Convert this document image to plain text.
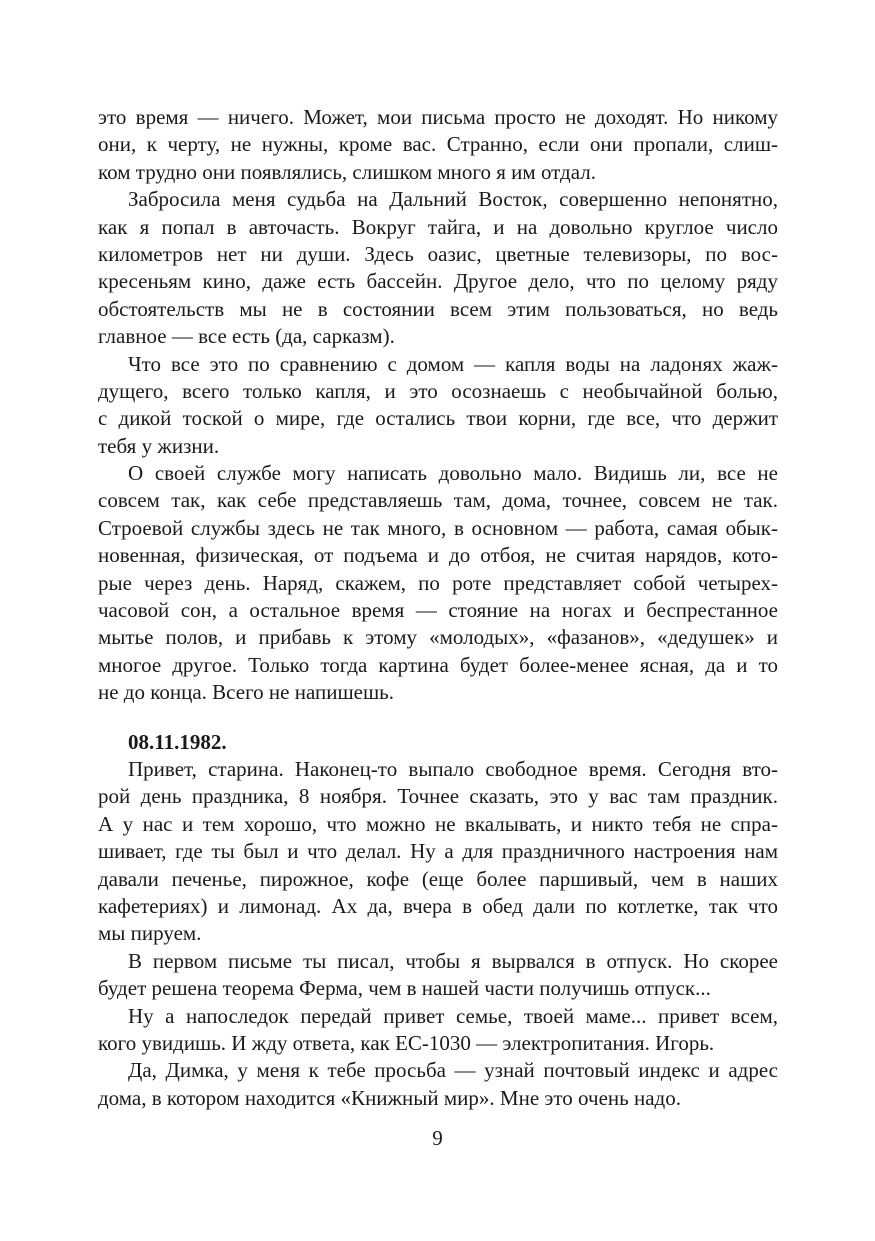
это время — ничего. Может, мои письма просто не доходят. Но никому
они, к черту, не нужны, кроме вас. Странно, если они пропали, слиш-
ком трудно они появлялись, слишком много я им отдал.
Забросила меня судьба на Дальний Восток, совершенно непонятно,
как я попал в авточасть. Вокруг тайга, и на довольно круглое число
километров нет ни души. Здесь оазис, цветные телевизоры, по вос-
кресеньям кино, даже есть бассейн. Другое дело, что по целому ряду
обстоятельств мы не в состоянии всем этим пользоваться, но ведь
главное — все есть (да, сарказм).
Что все это по сравнению с домом — капля воды на ладонях жаж-
дущего, всего только капля, и это осознаешь с необычайной болью,
с дикой тоской о мире, где остались твои корни, где все, что держит
тебя у жизни.
О своей службе могу написать довольно мало. Видишь ли, все не
совсем так, как себе представляешь там, дома, точнее, совсем не так.
Строевой службы здесь не так много, в основном — работа, самая обык-
новенная, физическая, от подъема и до отбоя, не считая нарядов, кото-
рые через день. Наряд, скажем, по роте представляет собой четырех-
часовой сон, а остальное время — стояние на ногах и беспрестанное
мытье полов, и прибавь к этому «молодых», «фазанов», «дедушек» и
многое другое. Только тогда картина будет более-менее ясная, да и то
не до конца. Всего не напишешь.
08.11.1982.
Привет, старина. Наконец-то выпало свободное время. Сегодня вто-
рой день праздника, 8 ноября. Точнее сказать, это у вас там праздник.
А у нас и тем хорошо, что можно не вкалывать, и никто тебя не спра-
шивает, где ты был и что делал. Ну а для праздничного настроения нам
давали печенье, пирожное, кофе (еще более паршивый, чем в наших
кафетериях) и лимонад. Ах да, вчера в обед дали по котлетке, так что
мы пируем.
В первом письме ты писал, чтобы я вырвался в отпуск. Но скорее
будет решена теорема Ферма, чем в нашей части получишь отпуск...
Ну а напоследок передай привет семье, твоей маме... привет всем,
кого увидишь. И жду ответа, как ЕС-1030 — электропитания. Игорь.
Да, Димка, у меня к тебе просьба — узнай почтовый индекс и адрес
дома, в котором находится «Книжный мир». Мне это очень надо.
9
